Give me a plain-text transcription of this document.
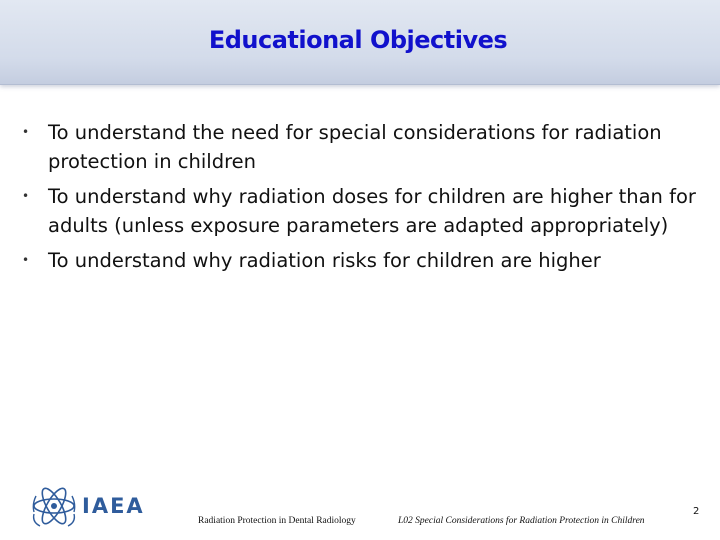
Educational Objectives
• To understand the need for special considerations for radiation protection in children
• To understand why radiation doses for children are higher than for adults (unless exposure parameters are adapted appropriately)
• To understand why radiation risks for children are higher
IAEA
Radiation Protection in Dental Radiology	L02 Special Considerations for Radiation Protection in Children
2
